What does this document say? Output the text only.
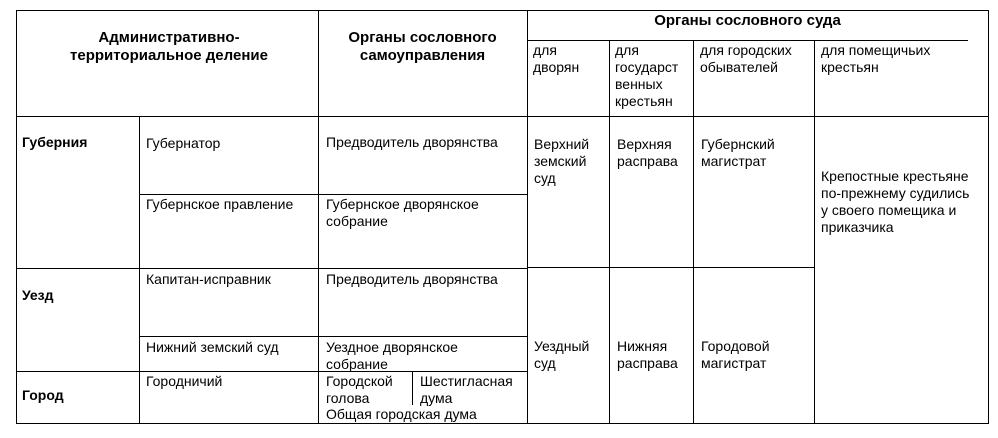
Административно-
территориальное деление
Органы сословного
самоуправления
Органы сословного суда
для
дворян
для
государст
венных
крестьян
для городских
обывателей
для помещичьих
крестьян
Губерния
Уезд
Город
Губернатор
Губернское правление
Предводитель дворянства
Губернское дворянское
собрание
Верхний
земский
суд
Верхняя
расправа
Губернский
магистрат
Крепостные крестьяне
по-прежнему судились
у своего помещика и
приказчика
Капитан-исправник
Нижний земский суд
Предводитель дворянства
Уездное дворянское
собрание
Уездный
суд
Нижняя
расправа
Городовой
магистрат
Городничий	Городской
голова
Шестигласная
дума
Общая городская дума
